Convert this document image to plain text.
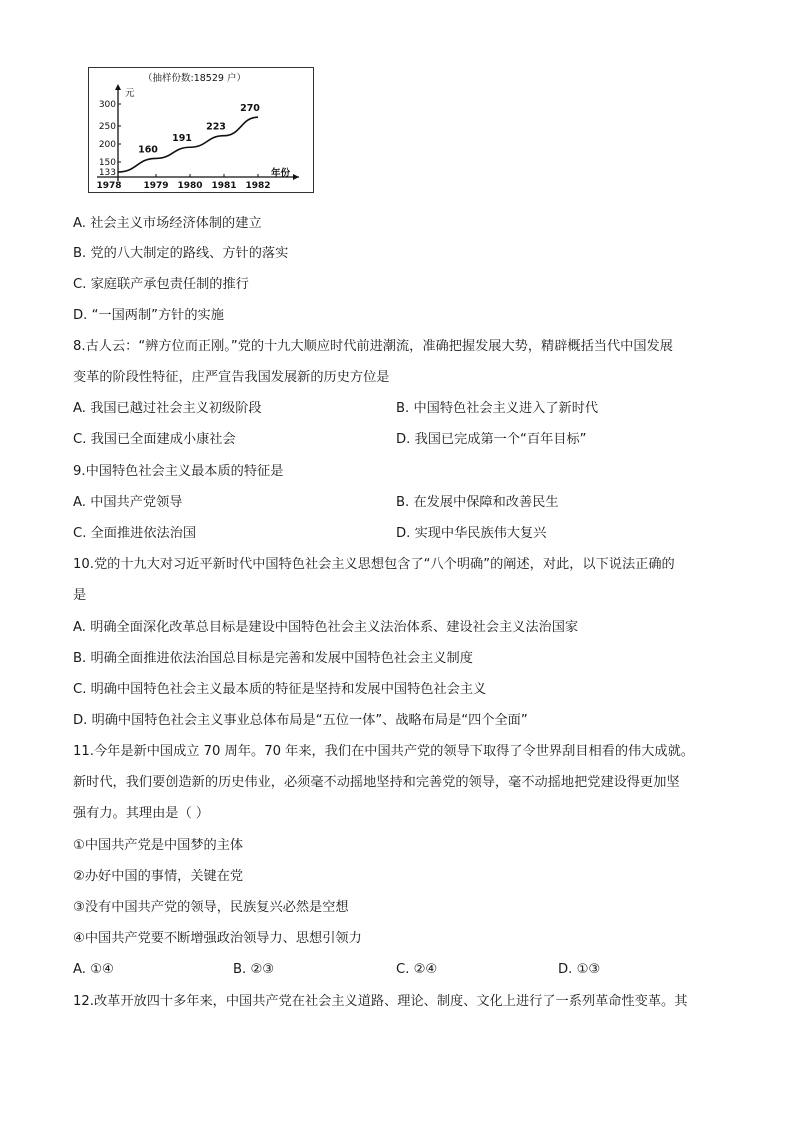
（抽样份数:18529 户）
元
年份
133
150
200
250
300
1978 1979 1980 1981 1982
160
191
223
270
A. 社会主义市场经济体制的建立
B. 党的八大制定的路线、方针的落实
C. 家庭联产承包责任制的推行
D. “一国两制”方针的实施
8.古人云：“辨方位而正刚。”党的十九大顺应时代前进潮流，准确把握发展大势，精辟概括当代中国发展
变革的阶段性特征，庄严宣告我国发展新的历史方位是
A. 我国已越过社会主义初级阶段	B. 中国特色社会主义进入了新时代
C. 我国已全面建成小康社会	D. 我国已完成第一个“百年目标”
9.中国特色社会主义最本质的特征是
A. 中国共产党领导	B. 在发展中保障和改善民生
C. 全面推进依法治国	D. 实现中华民族伟大复兴
10.党的十九大对习近平新时代中国特色社会主义思想包含了“八个明确”的阐述，对此，以下说法正确的
是
A. 明确全面深化改革总目标是建设中国特色社会主义法治体系、建设社会主义法治国家
B. 明确全面推进依法治国总目标是完善和发展中国特色社会主义制度
C. 明确中国特色社会主义最本质的特征是坚持和发展中国特色社会主义
D. 明确中国特色社会主义事业总体布局是“五位一体”、战略布局是“四个全面”
11.今年是新中国成立 70 周年。70 年来，我们在中国共产党的领导下取得了令世界刮目相看的伟大成就。
新时代，我们要创造新的历史伟业，必须毫不动摇地坚持和完善党的领导，毫不动摇地把党建设得更加坚
强有力。其理由是（ ）
①中国共产党是中国梦的主体
②办好中国的事情，关键在党
③没有中国共产党的领导，民族复兴必然是空想
④中国共产党要不断增强政治领导力、思想引领力
A. ①④	B. ②③	C. ②④	D. ①③
12.改革开放四十多年来，中国共产党在社会主义道路、理论、制度、文化上进行了一系列革命性变革。其
